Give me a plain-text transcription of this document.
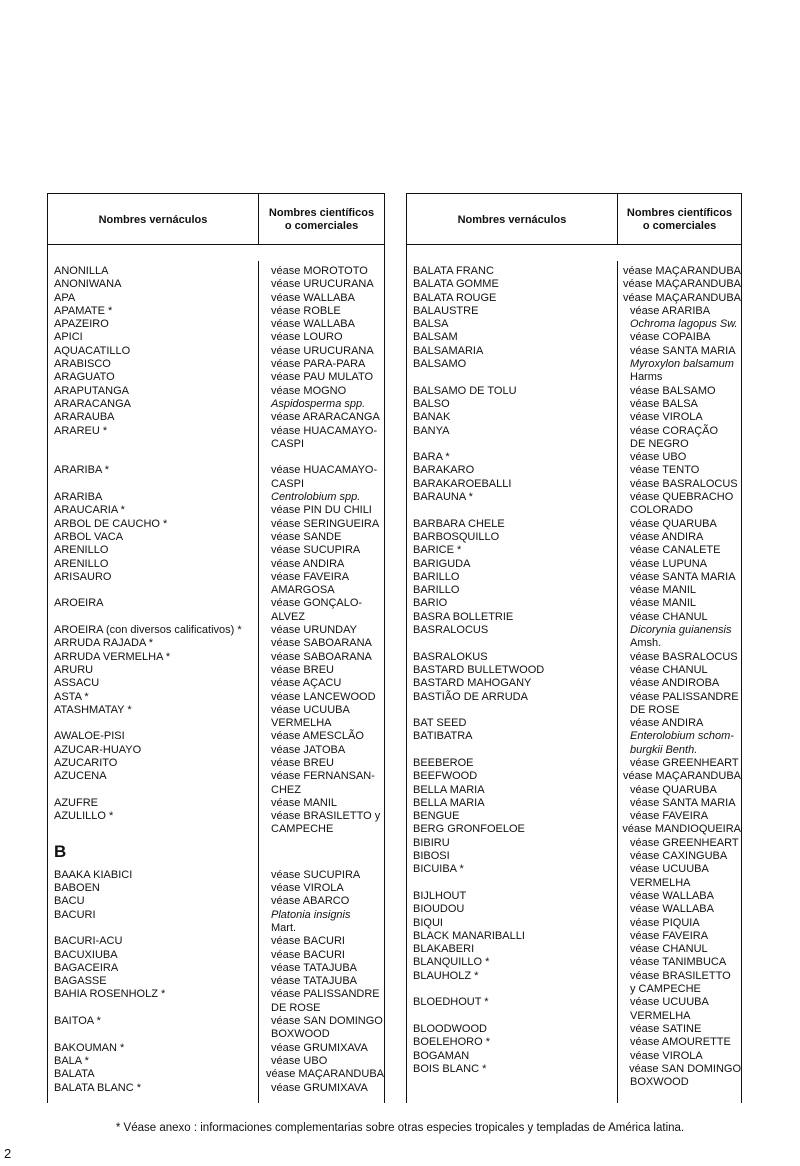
Nombres vernáculos
Nombres científicos
o comerciales
ANONILLA	véase MOROTOTO
ANONIWANA	véase URUCURANA
APA	véase WALLABA
APAMATE *	véase ROBLE
APAZEIRO	véase WALLABA
APICI	véase LOURO
AQUACATILLO	véase URUCURANA
ARABISCO	véase PARA-PARA
ARAGUATO	véase PAU MULATO
ARAPUTANGA	véase MOGNO
ARARACANGA	Aspidosperma spp.
ARARAUBA	véase ARARACANGA
ARAREU *	véase HUACAMAYO-
CASPI
ARARIBA *	véase HUACAMAYO-
CASPI
ARARIBA	Centrolobium spp.
ARAUCARIA *	véase PIN DU CHILI
ARBOL DE CAUCHO *	véase SERINGUEIRA
ARBOL VACA	véase SANDE
ARENILLO	véase SUCUPIRA
ARENILLO	véase ANDIRA
ARISAURO	véase FAVEIRA
AMARGOSA
AROEIRA	véase GONÇALO-
ALVEZ
AROEIRA (con diversos calificativos) *	véase URUNDAY
ARRUDA RAJADA *	véase SABOARANA
ARRUDA VERMELHA *	véase SABOARANA
ARURU	véase BREU
ASSACU	véase AÇACU
ASTA *	véase LANCEWOOD
ATASHMATAY *	véase UCUUBA
VERMELHA
AWALOE-PISI	véase AMESCLÃO
AZUCAR-HUAYO	véase JATOBA
AZUCARITO	véase BREU
AZUCENA	véase FERNANSAN-
CHEZ
AZUFRE	véase MANIL
AZULILLO *	véase BRASILETTO y
CAMPECHE
B
BAAKA KIABICI	véase SUCUPIRA
BABOEN	véase VIROLA
BACU	véase ABARCO
BACURI	Platonia insignis
Mart.
BACURI-ACU	véase BACURI
BACUXIUBA	véase BACURI
BAGACEIRA	véase TATAJUBA
BAGASSE	véase TATAJUBA
BAHIA ROSENHOLZ *	véase PALISSANDRE
DE ROSE
BAITOA *	véase SAN DOMINGO
BOXWOOD
BAKOUMAN *	véase GRUMIXAVA
BALA *	véase UBO
BALATA	véase MAÇARANDUBA
BALATA BLANC *	véase GRUMIXAVA
Nombres vernáculos
Nombres científicos
o comerciales
BALATA FRANC	véase MAÇARANDUBA
BALATA GOMME	véase MAÇARANDUBA
BALATA ROUGE	véase MAÇARANDUBA
BALAUSTRE	véase ARARIBA
BALSA	Ochroma lagopus Sw.
BALSAM	véase COPAIBA
BALSAMARIA	véase SANTA MARIA
BALSAMO	Myroxylon balsamum
Harms
BALSAMO DE TOLU	véase BALSAMO
BALSO	véase BALSA
BANAK	véase VIROLA
BANYA	véase CORAÇÃO
DE NEGRO
BARA *	véase UBO
BARAKARO	véase TENTO
BARAKAROEBALLI	véase BASRALOCUS
BARAUNA *	véase QUEBRACHO
COLORADO
BARBARA CHELE	véase QUARUBA
BARBOSQUILLO	véase ANDIRA
BARICE *	véase CANALETE
BARIGUDA	véase LUPUNA
BARILLO	véase SANTA MARIA
BARILLO	véase MANIL
BARIO	véase MANIL
BASRA BOLLETRIE	véase CHANUL
BASRALOCUS	Dicorynia guianensis
Amsh.
BASRALOKUS	véase BASRALOCUS
BASTARD BULLETWOOD	véase CHANUL
BASTARD MAHOGANY	véase ANDIROBA
BASTIÃO DE ARRUDA	véase PALISSANDRE
DE ROSE
BAT SEED	véase ANDIRA
BATIBATRA	Enterolobium schom-
burgkii Benth.
BEEBEROE	véase GREENHEART
BEEFWOOD	véase MAÇARANDUBA
BELLA MARIA	véase QUARUBA
BELLA MARIA	véase SANTA MARIA
BENGUE	véase FAVEIRA
BERG GRONFOELOE	véase MANDIOQUEIRA
BIBIRU	véase GREENHEART
BIBOSI	véase CAXINGUBA
BICUIBA *	véase UCUUBA
VERMELHA
BIJLHOUT	véase WALLABA
BIOUDOU	véase WALLABA
BIQUI	véase PIQUIA
BLACK MANARIBALLI	véase FAVEIRA
BLAKABERI	véase CHANUL
BLANQUILLO *	véase TANIMBUCA
BLAUHOLZ *	véase BRASILETTO
y CAMPECHE
BLOEDHOUT *	véase UCUUBA
VERMELHA
BLOODWOOD	véase SATINE
BOELEHORO *	véase AMOURETTE
BOGAMAN	véase VIROLA
BOIS BLANC *	véase SAN DOMINGO
BOXWOOD
* Véase anexo : informaciones complementarias sobre otras especies tropicales y templadas de América latina.
2
